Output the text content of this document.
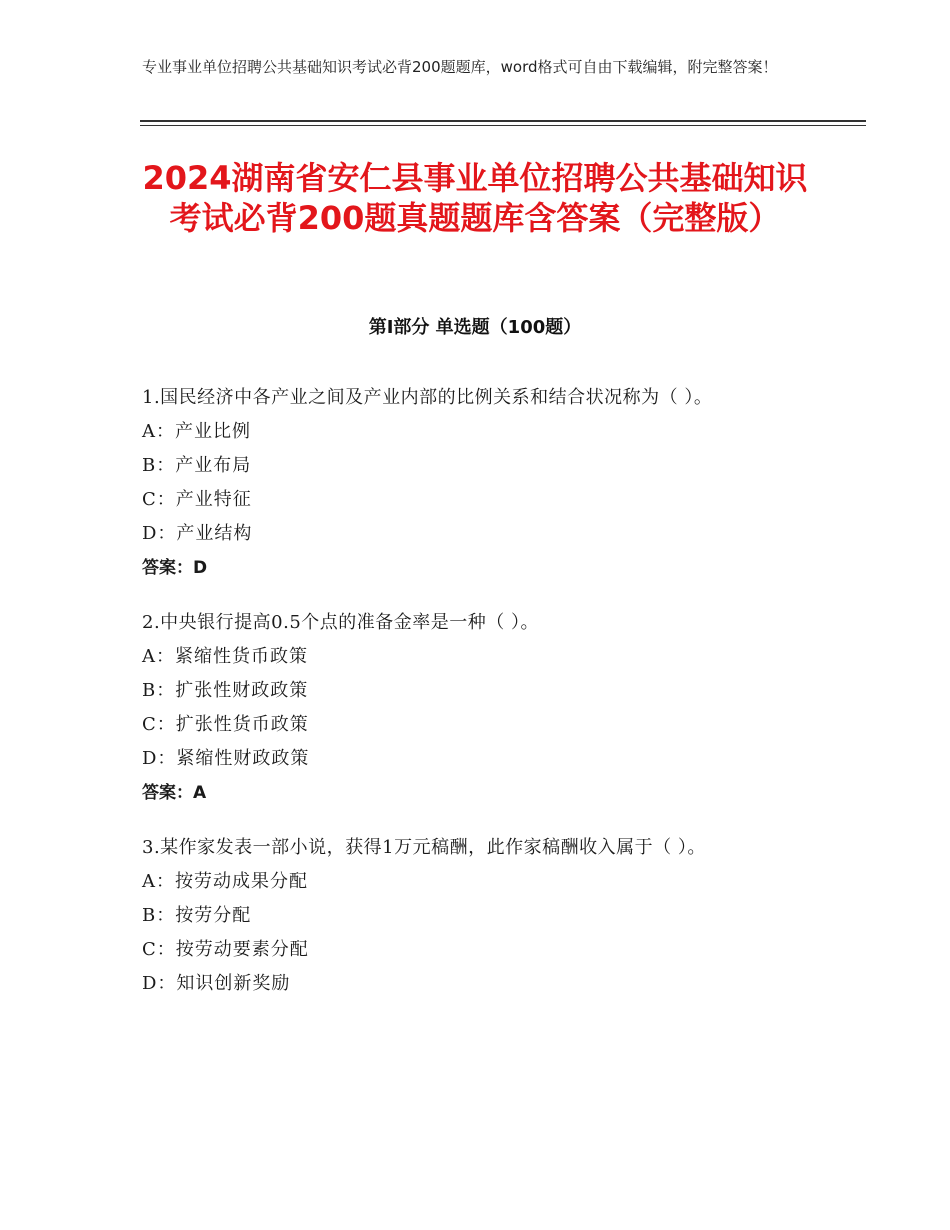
专业事业单位招聘公共基础知识考试必背200题题库，word格式可自由下载编辑，附完整答案！
2024湖南省安仁县事业单位招聘公共基础知识考试必背200题真题题库含答案（完整版）
第Ⅰ部分 单选题（100题）
1.国民经济中各产业之间及产业内部的比例关系和结合状况称为（ ）。
A：产业比例
B：产业布局
C：产业特征
D：产业结构
答案：D
2.中央银行提高0.5个点的准备金率是一种（ ）。
A：紧缩性货币政策
B：扩张性财政政策
C：扩张性货币政策
D：紧缩性财政政策
答案：A
3.某作家发表一部小说，获得1万元稿酬，此作家稿酬收入属于（ ）。
A：按劳动成果分配
B：按劳分配
C：按劳动要素分配
D：知识创新奖励
